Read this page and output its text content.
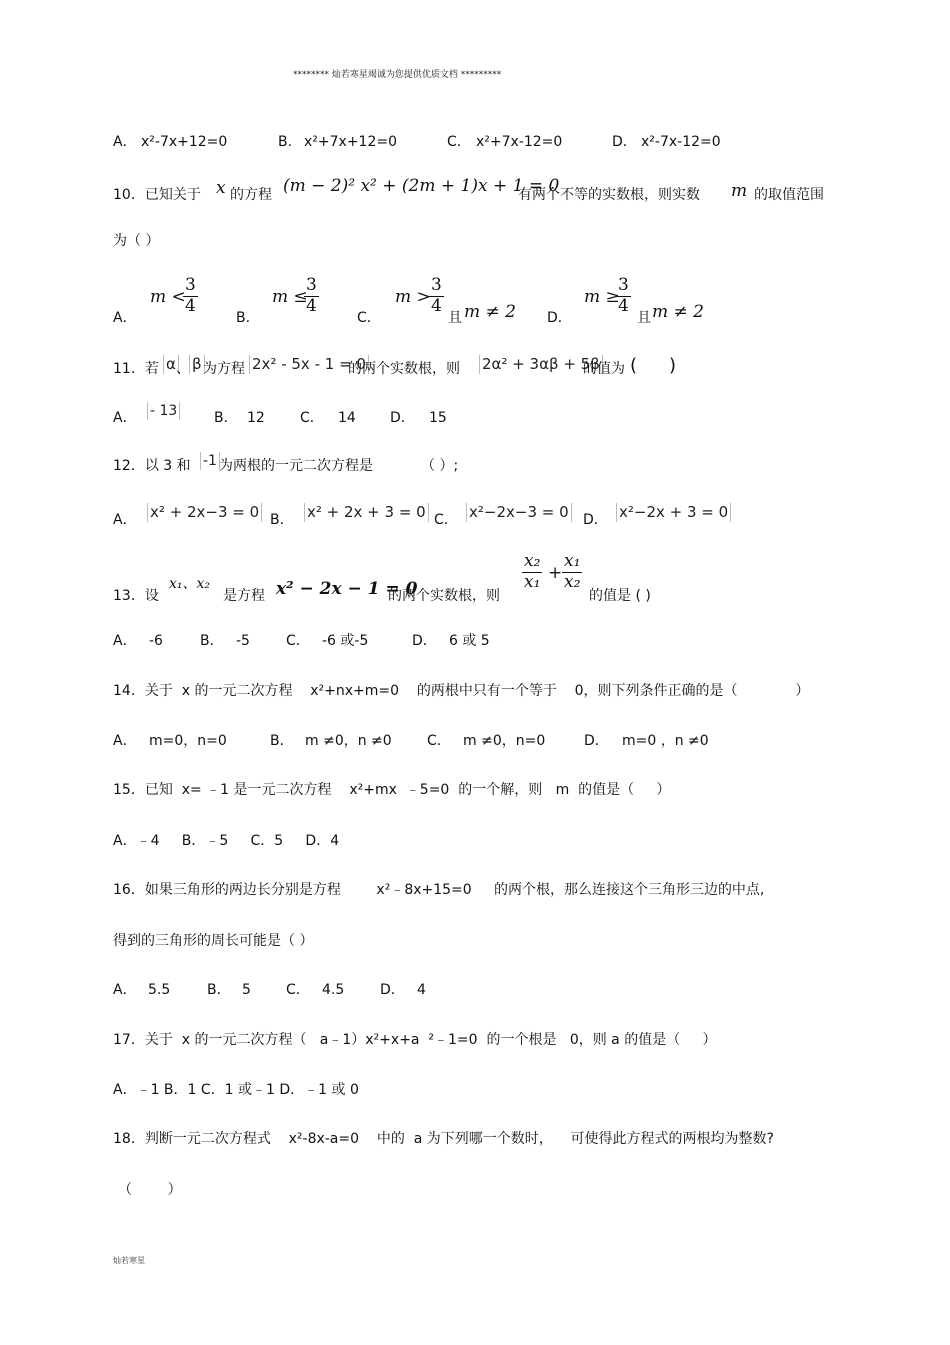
******** 灿若寒星竭诚为您提供优质文档 *********
A． x²-7x+12=0	B. x²+7x+12=0	C． x²+7x-12=0	D． x²-7x-12=0
10．已知关于 x 的方程 (m − 2)² x² + (2m + 1)x + 1 = 0
有两个不等的实数根，则实数 m 的取值范围
为（ ）
A．
m <
3
4
B.
m ≤
3
4
C．
m >
3
4
且 m ≠ 2 D．
m ≥
3
4
且 m ≠ 2
11．若 α 、 β 为方程 2x² - 5x - 1 = 0
的两个实数根，则 2α² + 3αβ + 5β
的值为 ( )
A． - 13	B． 12	C． 14 D． 15
12．以 3 和 -1 为两根的一元二次方程是	（ ）;
A． x² + 2x−3 = 0 B． x² + 2x + 3 = 0 C． x²−2x−3 = 0 D． x²−2x + 3 = 0
13．设
x₁、x₂
是方程 x² − 2x − 1 = 0
的两个实数根，则
x₂
x₁ +
x₁
x₂
的值是 ( )
A． -6	B． -5	C． -6 或-5	D． 6 或 5
14．关于  x 的一元二次方程    x²+nx+m=0    的两根中只有一个等于    0，则下列条件正确的是（             ）
A． m=0，n=0	B． m ≠0，n ≠0	C． m ≠0，n=0	D． m=0 ，n ≠0
15．已知  x= ﹣1 是一元二次方程    x²+mx  ﹣5=0  的一个解，则   m  的值是（     ）
A．﹣4     B．﹣5     C．5     D．4
16．如果三角形的两边长分别是方程        x²﹣8x+15=0     的两个根，那么连接这个三角形三边的中点,
得到的三角形的周长可能是（ ）
A． 5.5	B． 5	C． 4.5	D． 4
17．关于  x 的一元二次方程（   a﹣1）x²+x+a  ²﹣1=0  的一个根是   0，则 a 的值是（     ）
A．﹣1 B．1 C．1 或﹣1 D．﹣1 或 0
18．判断一元二次方程式    x²-8x-a=0    中的  a 为下列哪一个数时，    可使得此方程式的两根均为整数?
（        ）
灿若寒星
